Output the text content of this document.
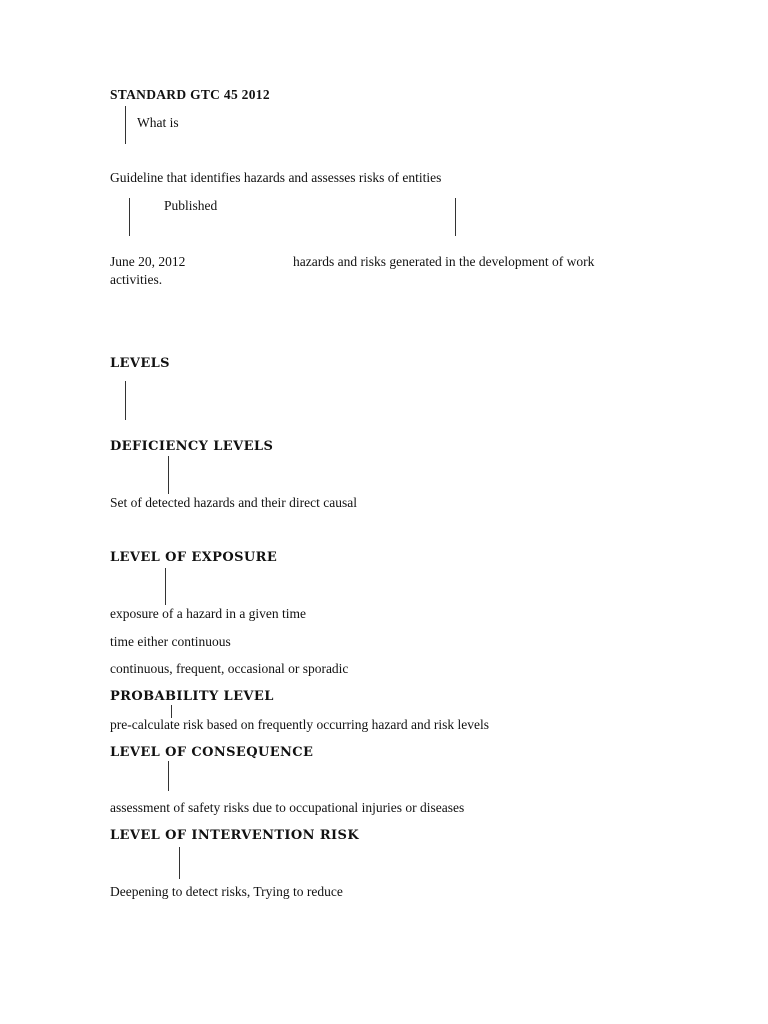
STANDARD GTC 45 2012
What is
Guideline that identifies hazards and assesses risks of entities
Published
June 20, 2012	hazards and risks generated in the development of work
activities.
LEVELS
DEFICIENCY LEVELS
Set of detected hazards and their direct causal
LEVEL OF EXPOSURE
exposure of a hazard in a given time
time either continuous
continuous, frequent, occasional or sporadic
PROBABILITY LEVEL
pre-calculate risk based on frequently occurring hazard and risk levels
LEVEL OF CONSEQUENCE
assessment of safety risks due to occupational injuries or diseases
LEVEL OF INTERVENTION RISK
Deepening to detect risks, Trying to reduce
